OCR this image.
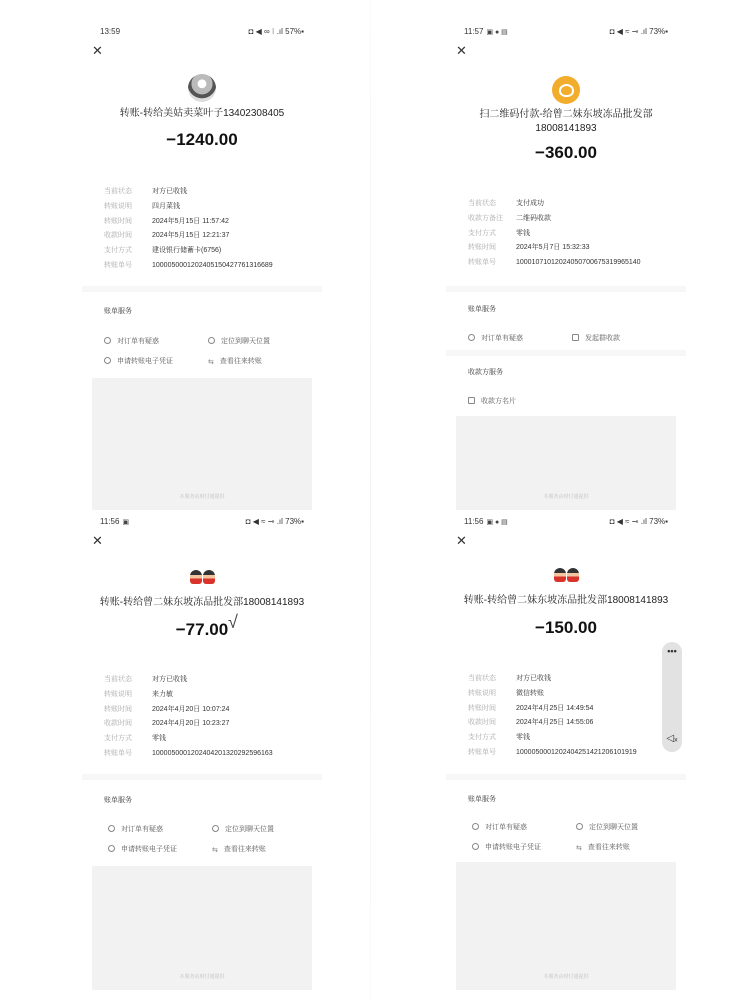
13:59	◘ ◀ ∞ ⁝ .ıl 57%▪
✕
转账-转给美姑卖菜叶子13402308405
−1240.00
当前状态	对方已收钱
转账说明	四月菜钱
转账时间	2024年5月15日 11:57:42
收款时间	2024年5月15日 12:21:37
支付方式	建设银行储蓄卡(6756)
转账单号	1000050001202405150427761316689
账单服务
对订单有疑惑	定位到聊天位置
申请转账电子凭证	⇆ 查看往来转账
本服务由财付通提供
11:57 ▣ ● ▤	◘ ◀ ≈ ⊸ .ıl 73%▪
✕
扫二维码付款-给曾二妹东坡冻品批发部
18008141893
−360.00
当前状态	支付成功
收款方备注 二维码收款
支付方式	零钱
转账时间	2024年5月7日 15:32:33
转账单号	10001071012024050700675319965140
账单服务
对订单有疑惑	发起群收款
收款方服务
收款方名片
本服务由财付通提供
11:56 ▣	◘ ◀ ≈ ⊸ .ıl 73%▪
✕
转账-转给曾二妹东坡冻品批发部18008141893
−77.00 √
当前状态	对方已收钱
转账说明	来力敏
转账时间	2024年4月20日 10:07:24
收款时间	2024年4月20日 10:23:27
支付方式	零钱
转账单号	1000050001202404201320292596163
账单服务
对订单有疑惑	定位到聊天位置
申请转账电子凭证	⇆ 查看往来转账
本服务由财付通提供
11:56 ▣ ● ▤	◘ ◀ ≈ ⊸ .ıl 73%▪
✕
转账-转给曾二妹东坡冻品批发部18008141893
−150.00
当前状态	对方已收钱
转账说明	微信转账
转账时间	2024年4月25日 14:49:54
收款时间	2024年4月25日 14:55:06
支付方式	零钱
转账单号	1000050001202404251421206101919
•••
◁ₓ
账单服务
对订单有疑惑	定位到聊天位置
申请转账电子凭证	⇆ 查看往来转账
本服务由财付通提供
